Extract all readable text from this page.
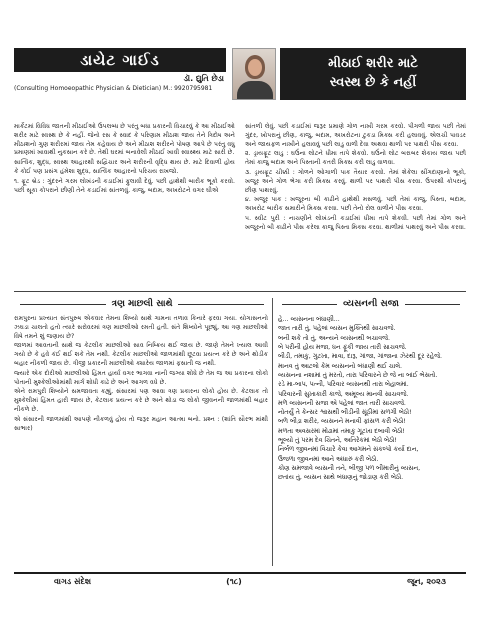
ડાયેટ ગાઈડ
ડૉ. દ્યુતિ છેડા
(Consulting Homoeopathic Physician & Dietician) M.: 9920795981
મીઠાઈ શરીર માટે
સ્વસ્થ છે કે નહીં

માર્કેટમાં વિવિધ જાતની મીઠાઈઓ ઉપલબ્ધ છે પરંતુ બધા પ્રકારની વિચારવું કે આ મીઠાઈઓ શરીર માટે સ્વસ્થ છે કે નહીં. જેનો રસ કે સ્વાદ કે પરિણામ મીઠાશ જાય તેને ત્રિદોષ અને મીઠાશનો ગુણ શરીરમાં જાય તેમ કહેવાય છે અને મીઠાશ શરીરને પોષણ આપે છે પરંતુ વધુ પ્રમાણમાં ખાવાથી નુકસાન કરે છે. તેથી ઘરમાં બનાવેલી મીઠાઈ ખાવી સ્વાસ્થ્ય માટે સારી છે.

સાત્વિક, શુદ્ધ, સ્વસ્થ આહારથી સદ્વિચાર અને શરીરની વૃદ્ધિ થાય છે. માટે દિવાળી હોય કે કોઈ પણ પ્રસંગ હંમેશા શુદ્ધ, સાત્વિક આહારનો પરિચય રાખજો.

૧. ફ્રૂટ બ્રેડ : ગુંદરને ગરમ લોખંડની કડાઈમાં ફુલાવી દેવું. પછી હાથેથી બારીક ભૂકો કરવો. પછી સૂકા કોપરાને છીણી તેને કડાઈમાં સાંતળવું. કાજુ, બદામ, અખરોટને વગર ઘીએ

સાંતળી લેવું. પછી કડાઈમાં જરૂર પ્રમાણે ગોળ નાખી ગરમ કરવો. પીગળી જાય પછી તેમાં ગુંદર, ખોપરાનું છીણ, કાજુ, બદામ, અખરોટના ટુકડા મિક્સ કરી હલાવવું. એલચી પાવડર અને જાયફળ નાખીને હલાવવું પછી લાડુ વાળી દેવા અથવા થાળી પર પાથરી પીસ કરવા.

૨. ડ્રાયફ્રૂટ લાડુ : ઘઉંના લોટને ધીમા તાપે શેકવો. ઘઉંનો લોટ બરાબર શેકાય જાય પછી તેમાં કાજુ બદામ અને પિસ્તાની કતરી મિક્સ કરી લાડુ વાળવા.

૩. ડ્રાયફ્રૂટ ચીક્કી : ગોળને ઓગાળી પાક તૈયાર કરવો. તેમાં શેકેલા સીંગદાણાનો ભૂકો, ખજૂર અને ગોળ ભેગા કરી મિક્સ કરવું. થાળી પર પાથરી પીસ કરવા. ઉપરથી કોપરાનું છીણ પાથરવું.

૪. ખજૂર પાક : ખજૂરના બી કાઢીને હાથેથી મસળવું. પછી તેમાં કાજુ, પિસ્તા, બદામ, અખરોટ બારીક સમારીને મિક્સ કરવા. પછી તેનો રોલ વાળીને પીસ કરવા.

૫. સ્વીટ પુરી : નાચણીને લોખંડની કડાઈમાં ધીમા તાપે શેકવી. પછી તેમાં ગોળ અને ખજૂરનો બી કાઢીને પીસ કરેલા કાજુ પિસ્તા મિક્સ કરવા. થાળીમાં પાથરવું અને પીસ કરવા.

ત્રણ માછલી સાથે	વ્યસનની સજા

રામપુરના પ્રખ્યાત સંતપુરુષ એકવાર તેમના શિષ્યો સાથે ગામના તળાવ કિનારે ફરવા ગયા. યોગાસનનો ઝઘડા ચાલતો હતો ત્યારે સરોવરમાં ત્રણ માછલીઓ રમતી હતી. સંતે શિષ્યોને પૂછ્યું, આ ત્રણ માછલીઓ વિષે તમને શું જણાય છે?

જાળમાં આવતાની સાથે જ કેટલીક માછલીઓ સાવ નિષ્ક્રિય થઈ જાય છે. જાણે તેમને ખ્યાલ આવી ગયો છે કે હવે કંઈ થઈ શકે તેમ નથી. કેટલીક માછલીઓ જાળમાંથી છૂટવા પ્રયત્ન કરે છે અને થોડીક બહાર નીકળી જાય છે. ત્રીજી પ્રકારની માછલીઓ ક્યારેય જાળમાં ફસાતી જ નથી.

જ્યારે એક દોરીઓ માછલીઓ હિંમત હાર્યા વગર ભાગવા નાની જગ્યા શોધે છે તેમ જ આ પ્રકારના લોકો પોતાની મુશ્કેલીઓમાંથી માર્ગ શોધી કાઢે છે અને આગળ વધે છે.

એને રામપુરી શિષ્યોને સમજાવતા કહ્યું, સંસારમાં પણ આવા ત્રણ પ્રકારના લોકો હોય છે. કેટલાક તો મુશ્કેલીમાં હિંમત હારી જાય છે, કેટલાક પ્રયત્ન કરે છે અને થોડા જ લોકો જીવનની જાળમાંથી બહાર નીકળે છે.

એ સંસારની જાળમાંથી આપણે નીકળવું હોય તો જરૂર મહાન આત્મા બનો. પ્રશ્ન : (શાંતિ સૌરભ માંથી સાભાર)

હે... વ્યસનના બંધાણી...

જાત તારી તું, પહેલાં વ્યસન મુક્તિથી સાચવજે.

બની શકે તો તું, અન્યને વ્યસનથી બચાવજે.

બે પરીની હોય મજા, ધન ફૂંકી જાય તારી સાચવજે.

બીડી, તમાકુ, ગુટખા, માવા, દારૂ, ગાંજા, ગાંજાના ઝેરથી દૂર રહેજે.

માનવ તું આટલો કેમ વ્યસનનો બંધાણી થઈ ચાલે.

વ્યસનના નશામાં તું મરતો, તારા પરિવારને છે જે ના બાંઈ ભેસતો.

રડે મા-બાપ, પત્ની, પરિવાર વ્યસનથી તારા બેહાલમાં.

પરિવારની સુખાકારી કાજે, અમૂલ્ય માનવી સાચવજે.

મળે વ્યસનની સજા એ પહેલાં જાત તારી સાચવજે.

નોતર્યું તે કેન્સર શ્વાસથી બીડીની સૂંઠીમાં સળગી બેઠો!

બળે બીડ઼ા શરીર, વ્યસનને મનાવી ફાંસળ કરી બેઠો!

મળતા અવસરમાં મોઢામાં તમાકુ ગૂટખા દબાવી બેઠો!

ભૂલ્યો તું પરમ દેવ ચિંતને, અતિરેકમાં બેઠો બેઠો!

નિર્બળ જીવનમાં વિચારે કેવા આગમને સંકલ્પો કર્યા દાન,

ઉજળા જીવનમાં આને અંધારું કરી બેઠો.

કોણ સમજાવે વ્યસની તને, બીજી પળ બીમારીનું વ્યસન,

છતાંય તું, વ્યસન સાથે બંધાણનું જોડાણ કરી બેઠો.

વાગડ સંદેશ	(૧૮)	જૂન, ૨૦૨૩
